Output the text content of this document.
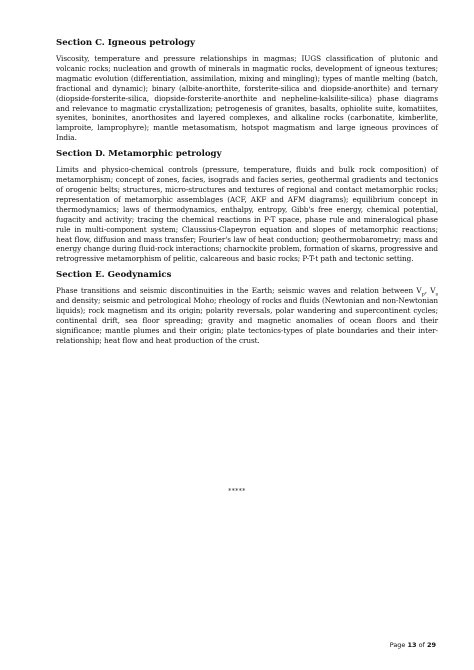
Section C. Igneous petrology
Viscosity, temperature and pressure relationships in magmas; IUGS classification of plutonic and volcanic rocks; nucleation and growth of minerals in magmatic rocks, development of igneous textures; magmatic evolution (differentiation, assimilation, mixing and mingling); types of mantle melting (batch, fractional and dynamic); binary (albite-anorthite, forsterite-silica and diopside-anorthite) and ternary (diopside-forsterite-silica, diopside-forsterite-anorthite and nepheline-kalsilite-silica) phase diagrams and relevance to magmatic crystallization; petrogenesis of granites, basalts, ophiolite suite, komatiites, syenites, boninites, anorthosites and layered complexes, and alkaline rocks (carbonatite, kimberlite, lamproite, lamprophyre); mantle metasomatism, hotspot magmatism and large igneous provinces of India.
Section D. Metamorphic petrology
Limits and physico-chemical controls (pressure, temperature, fluids and bulk rock composition) of metamorphism; concept of zones, facies, isograds and facies series, geothermal gradients and tectonics of orogenic belts; structures, micro-structures and textures of regional and contact metamorphic rocks; representation of metamorphic assemblages (ACF, AKF and AFM diagrams); equilibrium concept in thermodynamics; laws of thermodynamics, enthalpy, entropy, Gibb's free energy, chemical potential, fugacity and activity; tracing the chemical reactions in P-T space, phase rule and mineralogical phase rule in multi-component system; Claussius-Clapeyron equation and slopes of metamorphic reactions; heat flow, diffusion and mass transfer; Fourier's law of heat conduction; geothermobarometry; mass and energy change during fluid-rock interactions; charnockite problem, formation of skarns, progressive and retrogressive metamorphism of pelitic, calcareous and basic rocks; P-T-t path and tectonic setting.
Section E. Geodynamics
Phase transitions and seismic discontinuities in the Earth; seismic waves and relation between $V_p$, $V_s$ and density; seismic and petrological Moho; rheology of rocks and fluids (Newtonian and non-Newtonian liquids); rock magnetism and its origin; polarity reversals, polar wandering and supercontinent cycles; continental drift, sea floor spreading; gravity and magnetic anomalies of ocean floors and their significance; mantle plumes and their origin; plate tectonics-types of plate boundaries and their inter-relationship; heat flow and heat production of the crust.
*****
Page 13 of 29
